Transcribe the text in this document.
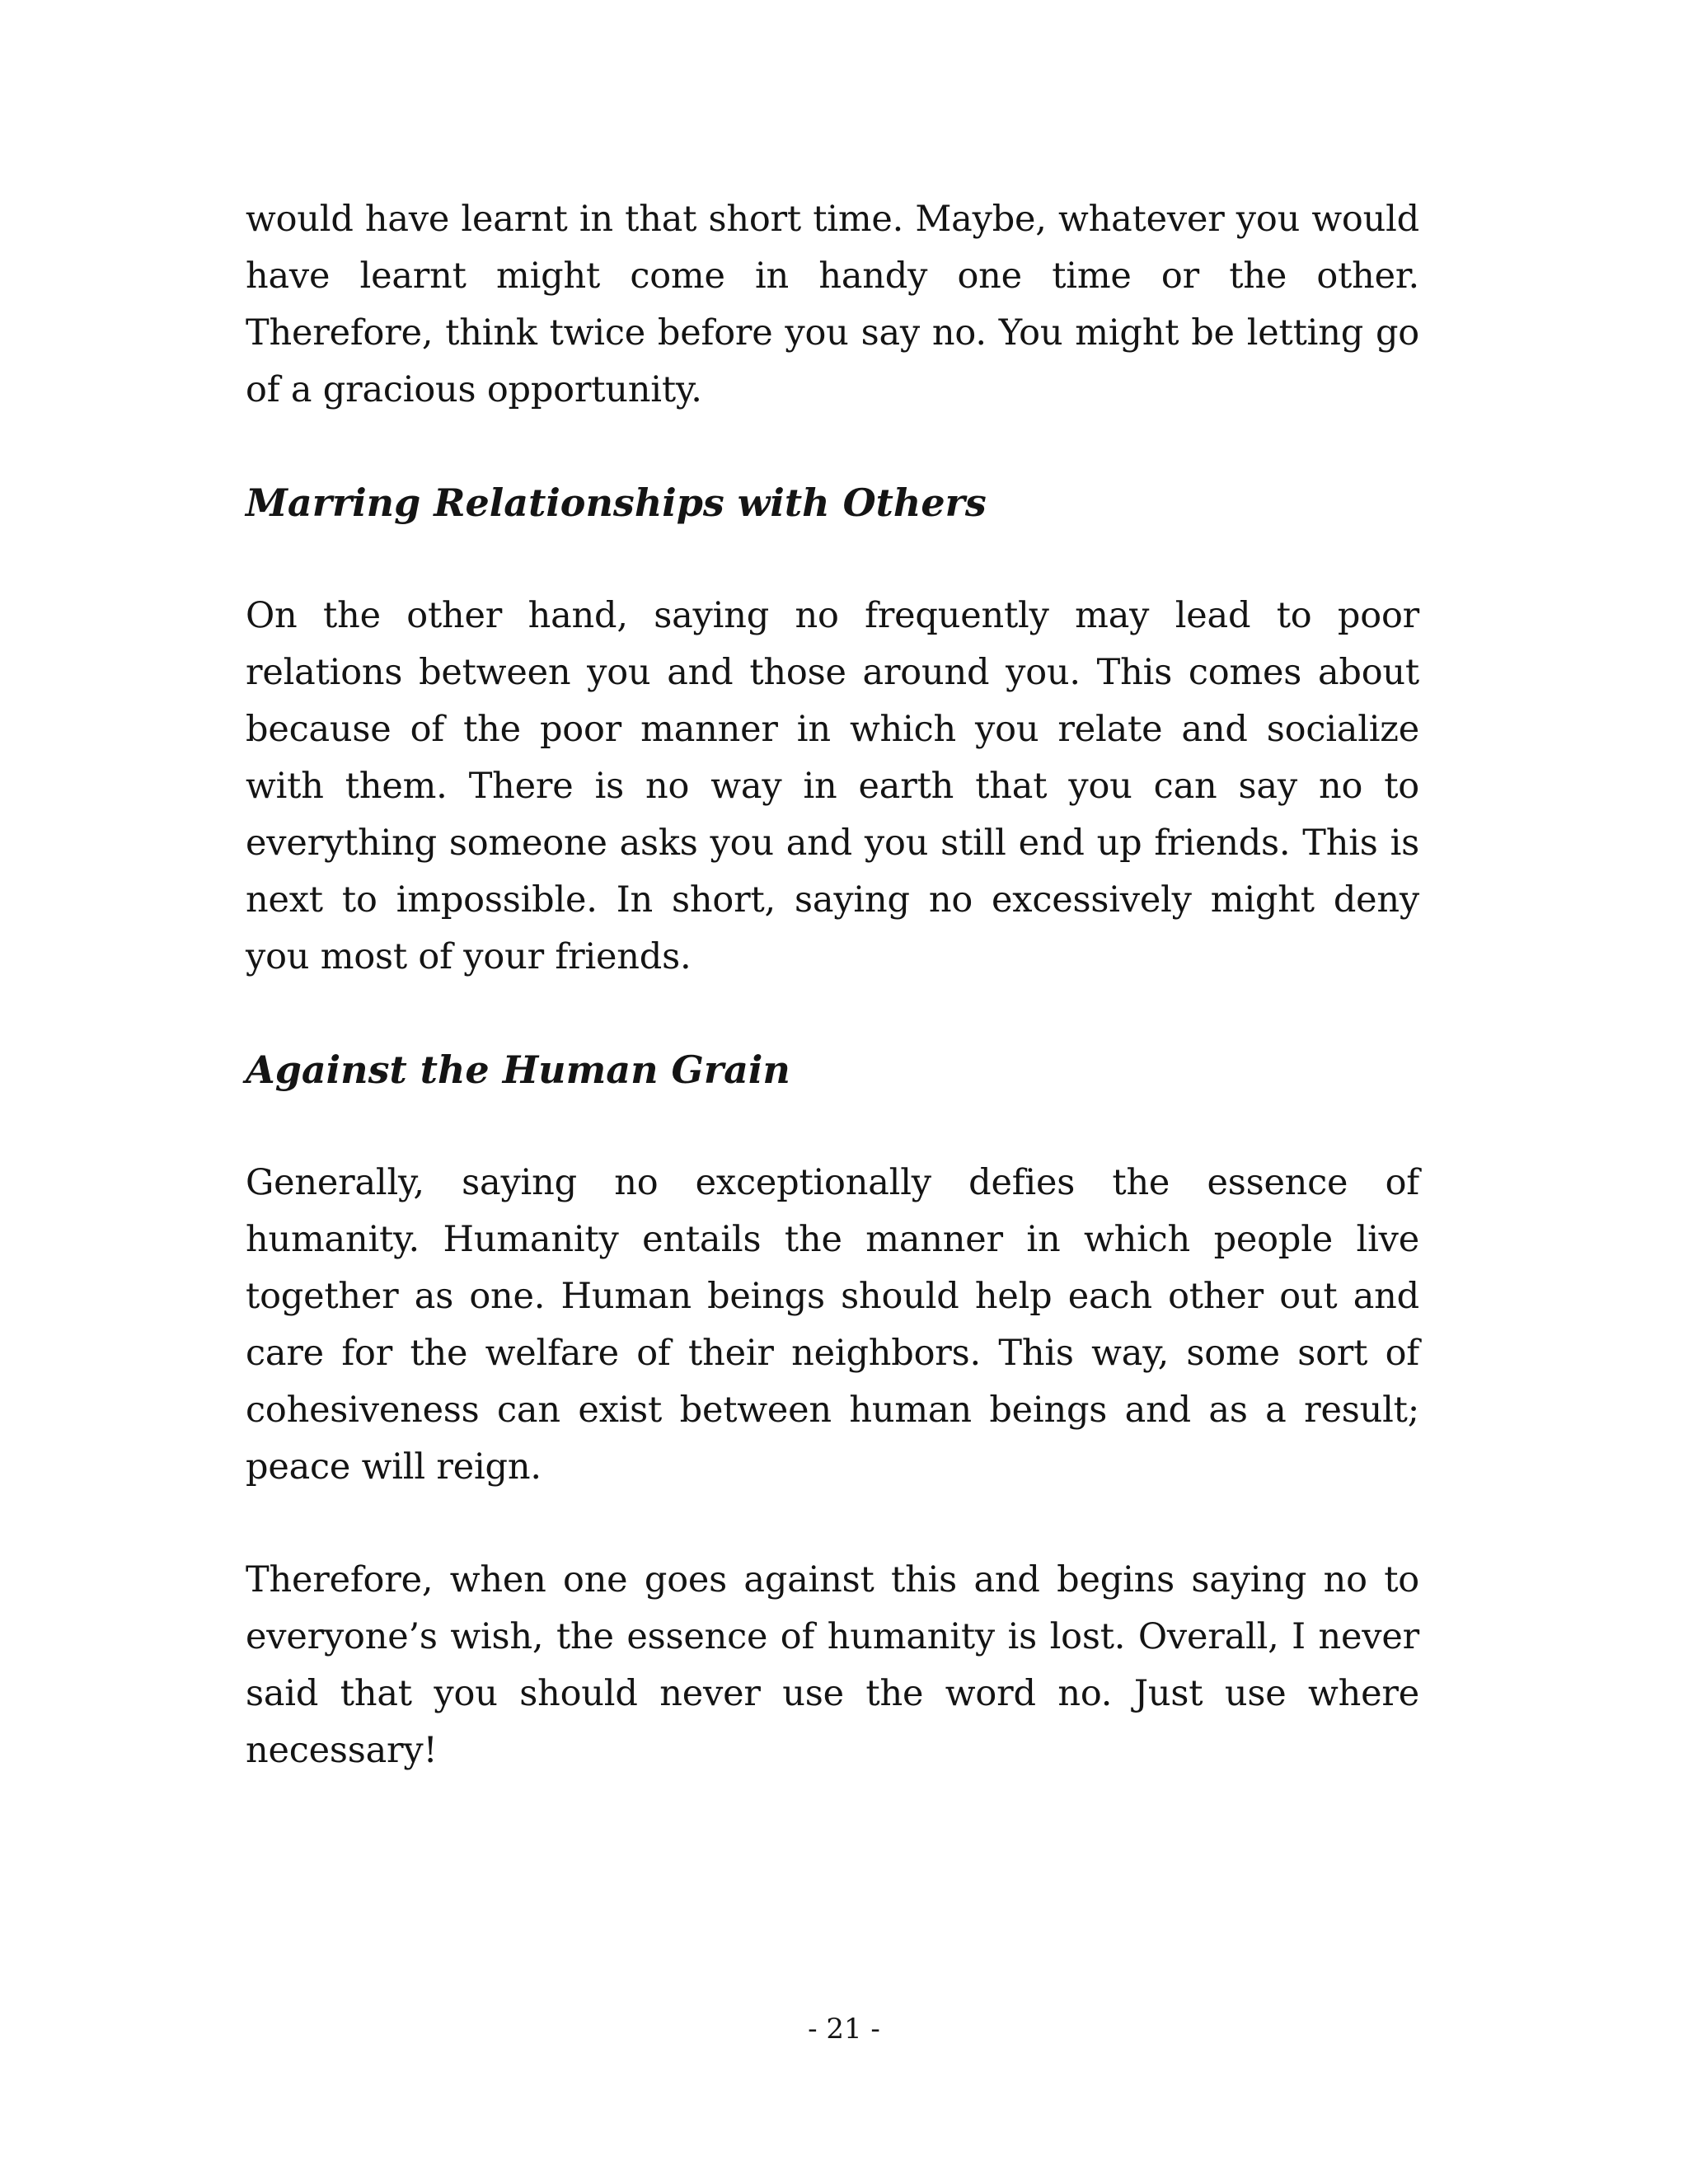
would have learnt in that short time. Maybe, whatever you would have learnt might come in handy one time or the other. Therefore, think twice before you say no. You might be letting go of a gracious opportunity.

Marring Relationships with Others

On the other hand, saying no frequently may lead to poor relations between you and those around you. This comes about because of the poor manner in which you relate and socialize with them. There is no way in earth that you can say no to everything someone asks you and you still end up friends. This is next to impossible. In short, saying no excessively might deny you most of your friends.

Against the Human Grain

Generally, saying no exceptionally defies the essence of humanity. Humanity entails the manner in which people live together as one. Human beings should help each other out and care for the welfare of their neighbors. This way, some sort of cohesiveness can exist between human beings and as a result; peace will reign.

Therefore, when one goes against this and begins saying no to everyone’s wish, the essence of humanity is lost. Overall, I never said that you should never use the word no. Just use where necessary!

- 21 -
